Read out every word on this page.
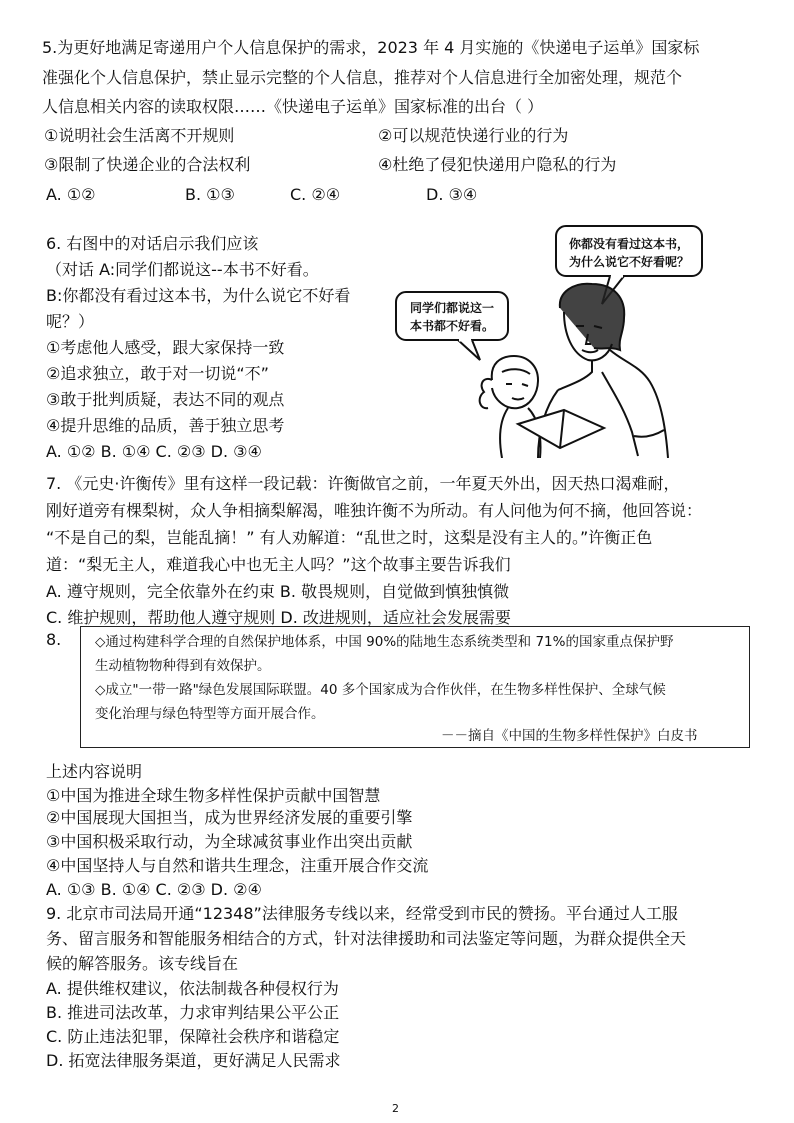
5.为更好地满足寄递用户个人信息保护的需求，2023 年 4 月实施的《快递电子运单》国家标
准强化个人信息保护，禁止显示完整的个人信息，推荐对个人信息进行全加密处理，规范个
人信息相关内容的读取权限……《快递电子运单》国家标准的出台（ ）
①说明社会生活离不开规则	②可以规范快递行业的行为
③限制了快递企业的合法权利	④杜绝了侵犯快递用户隐私的行为
A. ①②	B. ①③	C. ②④	D. ③④
6. 右图中的对话启示我们应该
（对话 A:同学们都说这--本书不好看。
B:你都没有看过这本书，为什么说它不好看
呢？）
①考虑他人感受，跟大家保持一致
②追求独立，敢于对一切说“不”
③敢于批判质疑，表达不同的观点
④提升思维的品质，善于独立思考
A. ①② B. ①④ C. ②③ D. ③④
你都没有看过这本书，
为什么说它不好看呢？
同学们都说这一
本书都不好看。
7. 《元史·许衡传》里有这样一段记载：许衡做官之前，一年夏天外出，因天热口渴难耐，
刚好道旁有棵梨树，众人争相摘梨解渴，唯独许衡不为所动。有人问他为何不摘，他回答说：
“不是自己的梨，岂能乱摘！” 有人劝解道：“乱世之时，这梨是没有主人的。”许衡正色
道：“梨无主人，难道我心中也无主人吗？”这个故事主要告诉我们
A. 遵守规则，完全依靠外在约束 B. 敬畏规则，自觉做到慎独慎微
C. 维护规则，帮助他人遵守规则 D. 改进规则，适应社会发展需要
8. ◇通过构建科学合理的自然保护地体系，中国 90%的陆地生态系统类型和 71%的国家重点保护野
生动植物物种得到有效保护。
◇成立"一带一路"绿色发展国际联盟。40 多个国家成为合作伙伴，在生物多样性保护、全球气候
变化治理与绿色特型等方面开展合作。
－－摘自《中国的生物多样性保护》白皮书
上述内容说明
①中国为推进全球生物多样性保护贡献中国智慧
②中国展现大国担当，成为世界经济发展的重要引擎
③中国积极采取行动，为全球减贫事业作出突出贡献
④中国坚持人与自然和谐共生理念，注重开展合作交流
A. ①③ B. ①④ C. ②③ D. ②④
9. 北京市司法局开通“12348”法律服务专线以来，经常受到市民的赞扬。平台通过人工服
务、留言服务和智能服务相结合的方式，针对法律援助和司法鉴定等问题，为群众提供全天
候的解答服务。该专线旨在
A. 提供维权建议，依法制裁各种侵权行为
B. 推进司法改革，力求审判结果公平公正
C. 防止违法犯罪，保障社会秩序和谐稳定
D. 拓宽法律服务渠道，更好满足人民需求
2
